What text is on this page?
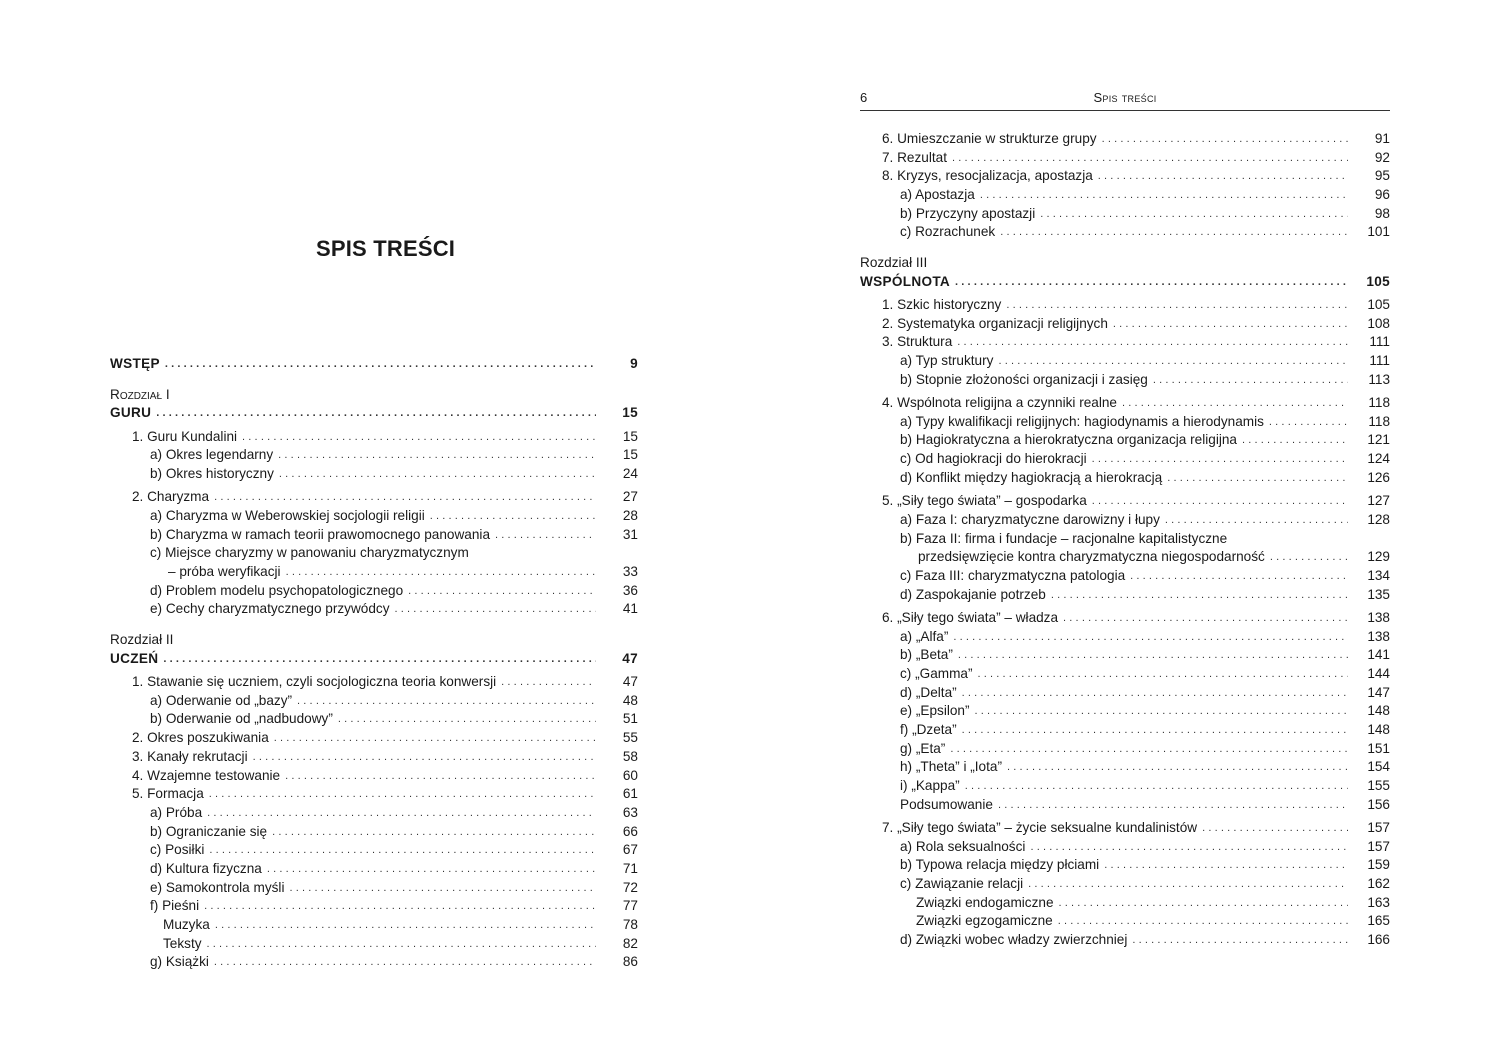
SPIS TREŚCI
WSTĘP .....	9
Rozdział I
GURU .....	15
1. Guru Kundalini .....	15
a) Okres legendarny .....	15
b) Okres historyczny .....	24
2. Charyzma .....	27
a) Charyzma w Weberowskiej socjologii religii .....	28
b) Charyzma w ramach teorii prawomocnego panowania .....	31
c) Miejsce charyzmy w panowaniu charyzmatycznym
– próba weryfikacji .....	33
d) Problem modelu psychopatologicznego .....	36
e) Cechy charyzmatycznego przywódcy .....	41
Rozdział II
UCZEŃ .....	47
1. Stawanie się uczniem, czyli socjologiczna teoria konwersji .....	47
a) Oderwanie od „bazy” .....	48
b) Oderwanie od „nadbudowy” .....	51
2. Okres poszukiwania .....	55
3. Kanały rekrutacji .....	58
4. Wzajemne testowanie .....	60
5. Formacja .....	61
a) Próba .....	63
b) Ograniczanie się .....	66
c) Posiłki .....	67
d) Kultura fizyczna .....	71
e) Samokontrola myśli .....	72
f) Pieśni .....	77
Muzyka .....	78
Teksty .....	82
g) Książki .....	86
6	Spis treści
6. Umieszczanie w strukturze grupy .....	91
7. Rezultat .....	92
8. Kryzys, resocjalizacja, apostazja .....	95
a) Apostazja .....	96
b) Przyczyny apostazji .....	98
c) Rozrachunek .....	101
Rozdział III
WSPÓLNOTA .....	105
1. Szkic historyczny .....	105
2. Systematyka organizacji religijnych .....	108
3. Struktura .....	111
a) Typ struktury .....	111
b) Stopnie złożoności organizacji i zasięg .....	113
4. Wspólnota religijna a czynniki realne .....	118
a) Typy kwalifikacji religijnych: hagiodynamis a hierodynamis .....	118
b) Hagiokratyczna a hierokratyczna organizacja religijna .....	121
c) Od hagiokracji do hierokracji .....	124
d) Konflikt między hagiokracją a hierokracją .....	126
5. „Siły tego świata” – gospodarka .....	127
a) Faza I: charyzmatyczne darowizny i łupy .....	128
b) Faza II: firma i fundacje – racjonalne kapitalistyczne
przedsięwzięcie kontra charyzmatyczna niegospodarność .....	129
c) Faza III: charyzmatyczna patologia .....	134
d) Zaspokajanie potrzeb .....	135
6. „Siły tego świata” – władza .....	138
a) „Alfa” .....	138
b) „Beta” .....	141
c) „Gamma” .....	144
d) „Delta” .....	147
e) „Epsilon” .....	148
f) „Dzeta” .....	148
g) „Eta” .....	151
h) „Theta” i „Iota” .....	154
i) „Kappa” .....	155
Podsumowanie .....	156
7. „Siły tego świata” – życie seksualne kundalinistów .....	157
a) Rola seksualności .....	157
b) Typowa relacja między płciami .....	159
c) Zawiązanie relacji .....	162
Związki endogamiczne .....	163
Związki egzogamiczne .....	165
d) Związki wobec władzy zwierzchniej .....	166
